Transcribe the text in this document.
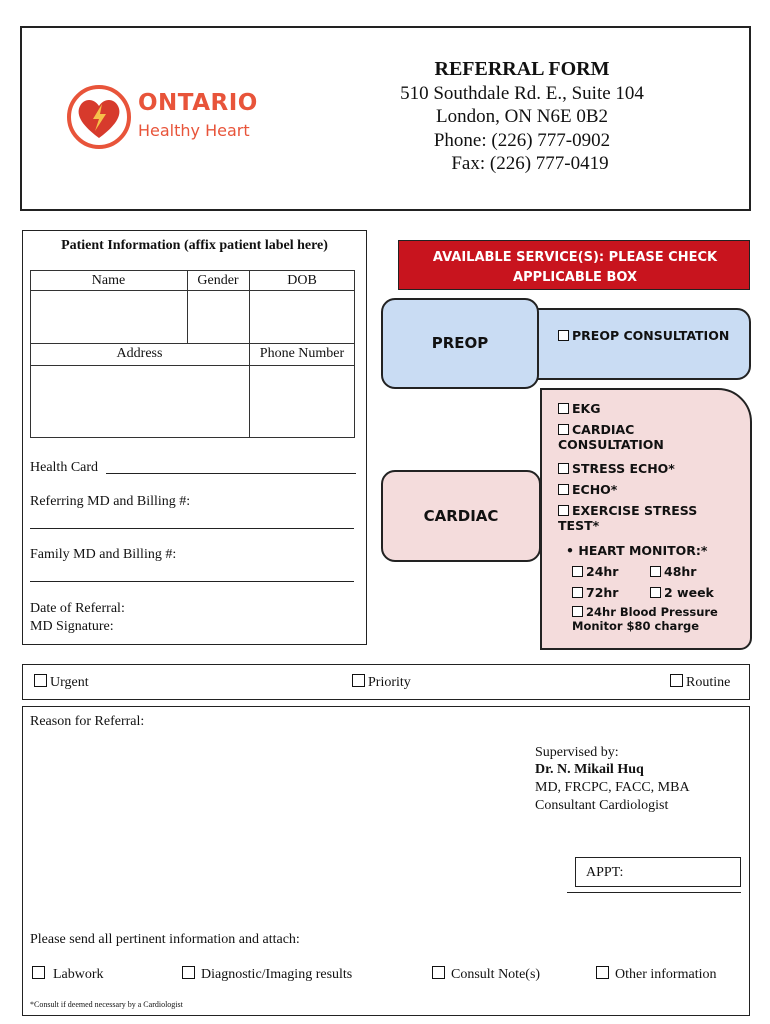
ONTARIO
Healthy Heart
REFERRAL FORM
510 Southdale Rd. E., Suite 104
London, ON N6E 0B2
Phone: (226) 777-0902
Fax: (226) 777-0419
Patient Information (affix patient label here)
Name	Gender	DOB
Address	Phone Number
Health Card
Referring MD and Billing #:
Family MD and Billing #:
Date of Referral:
MD Signature:
AVAILABLE SERVICE(S): PLEASE CHECK APPLICABLE BOX
PREOP	PREOP CONSULTATION
CARDIAC
EKG
CARDIAC CONSULTATION
STRESS ECHO*
ECHO*
EXERCISE STRESS TEST*
• HEART MONITOR:*
24hr	48hr
72hr	2 week
24hr Blood Pressure Monitor $80 charge
Urgent	Priority	Routine
Reason for Referral:
Supervised by:
Dr. N. Mikail Huq
MD, FRCPC, FACC, MBA
Consultant Cardiologist
APPT:
Please send all pertinent information and attach:
Labwork	Diagnostic/Imaging results	Consult Note(s)	Other information
*Consult if deemed necessary by a Cardiologist
